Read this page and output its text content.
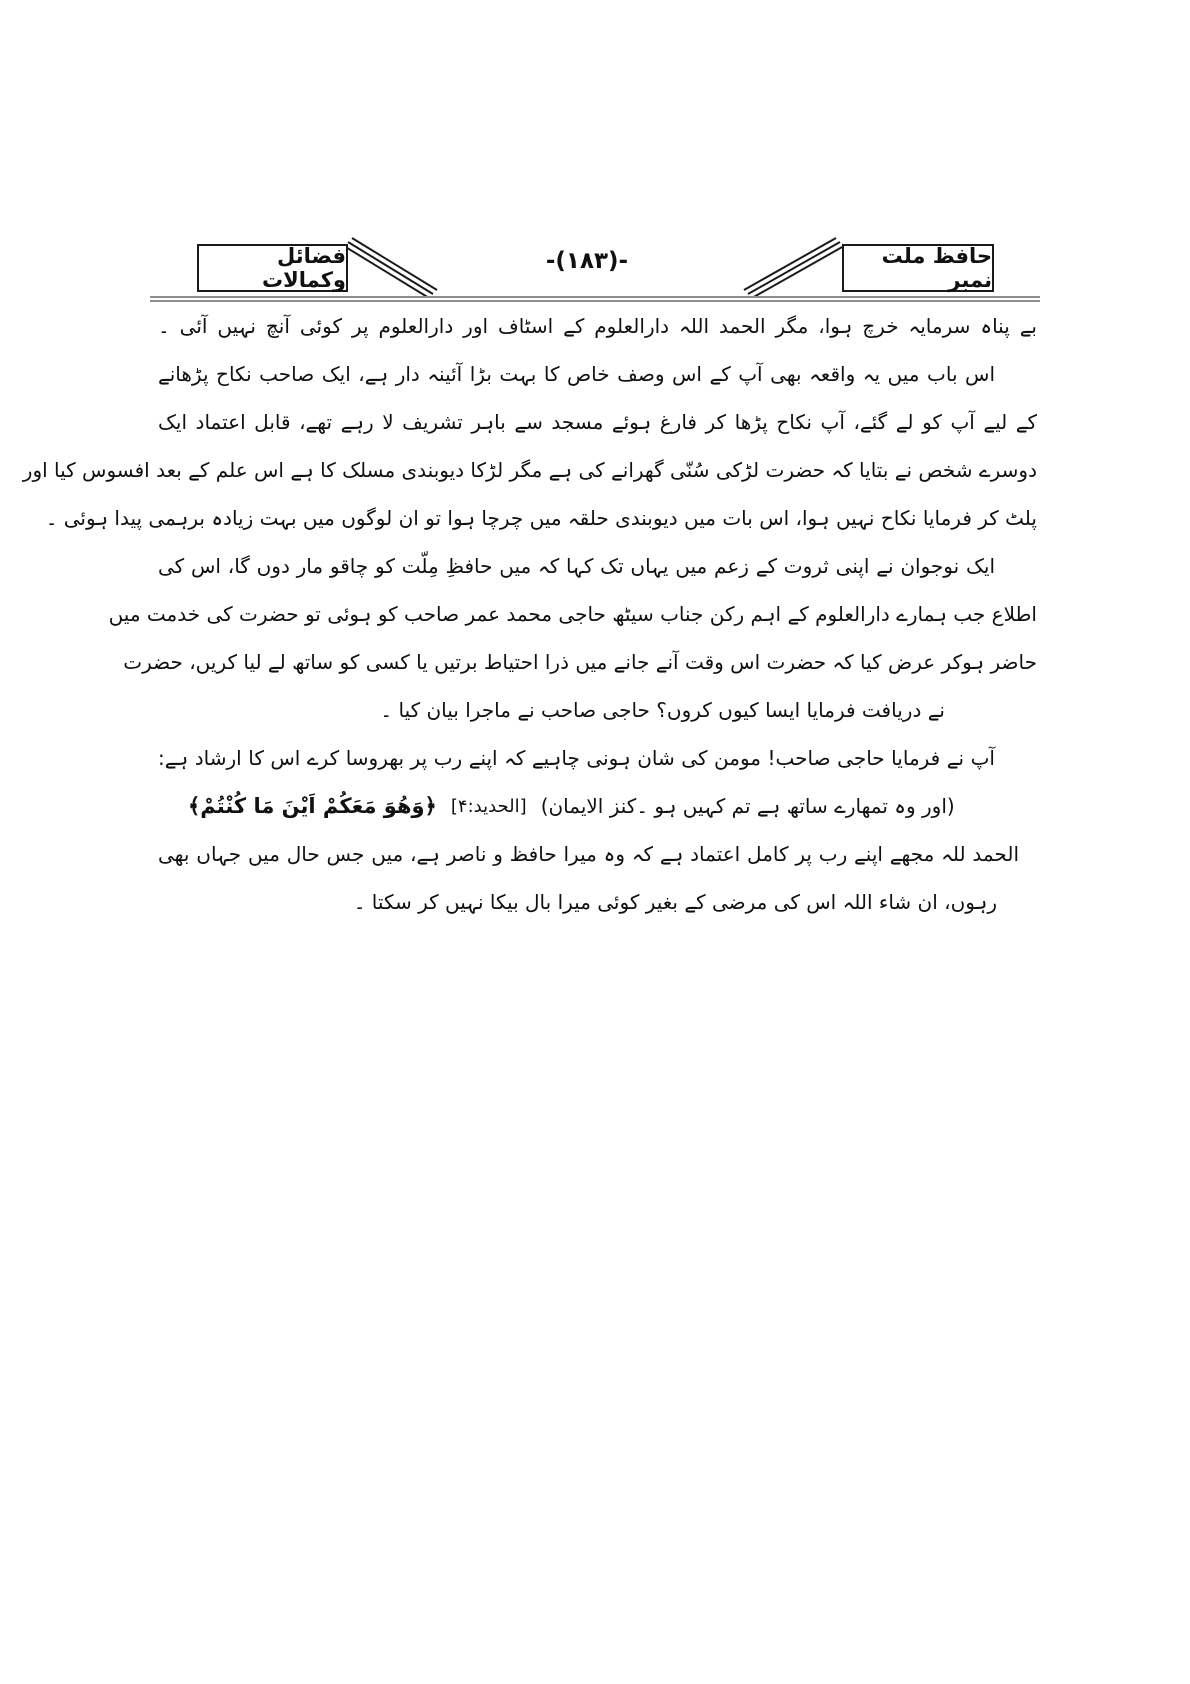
حافظ ملت نمبر
-(۱۸۳)-
فضائل وکمالات
بے پناہ سرمایہ خرچ ہوا، مگر الحمد اللہ دارالعلوم کے اسٹاف اور دارالعلوم پر کوئی آنچ نہیں آئی ۔
اس باب میں یہ واقعہ بھی آپ کے اس وصف خاص کا بہت بڑا آئینہ دار ہے، ایک صاحب نکاح پڑھانے
کے لیے آپ کو لے گئے، آپ نکاح پڑھا کر فارغ ہوئے مسجد سے باہر تشریف لا رہے تھے، قابل اعتماد ایک
دوسرے شخص نے بتایا کہ حضرت لڑکی سُنّی گھرانے کی ہے مگر لڑکا دیوبندی مسلک کا ہے اس علم کے بعد افسوس کیا اور
پلٹ کر فرمایا نکاح نہیں ہوا، اس بات میں دیوبندی حلقہ میں چرچا ہوا تو ان لوگوں میں بہت زیادہ برہمی پیدا ہوئی ۔
ایک نوجوان نے اپنی ثروت کے زعم میں یہاں تک کہا کہ میں حافظِ مِلّت کو چاقو مار دوں گا، اس کی
اطلاع جب ہمارے دارالعلوم کے اہم رکن جناب سیٹھ حاجی محمد عمر صاحب کو ہوئی تو حضرت کی خدمت میں
حاضر ہوکر عرض کیا کہ حضرت اس وقت آنے جانے میں ذرا احتیاط برتیں یا کسی کو ساتھ لے لیا کریں، حضرت
نے دریافت فرمایا ایسا کیوں کروں؟ حاجی صاحب نے ماجرا بیان کیا ۔
آپ نے فرمایا حاجی صاحب! مومن کی شان ہونی چاہیے کہ اپنے رب پر بھروسا کرے اس کا ارشاد ہے:
﴿وَهُوَ مَعَكُمْ اَيْنَ مَا كُنْتُمْ﴾ [الحدید:۴] (اور وہ تمھارے ساتھ ہے تم کہیں ہو ۔کنز الایمان)
الحمد للہ مجھے اپنے رب پر کامل اعتماد ہے کہ وہ میرا حافظ و ناصر ہے، میں جس حال میں جہاں بھی
رہوں، ان شاء اللہ اس کی مرضی کے بغیر کوئی میرا بال بیکا نہیں کر سکتا ۔
